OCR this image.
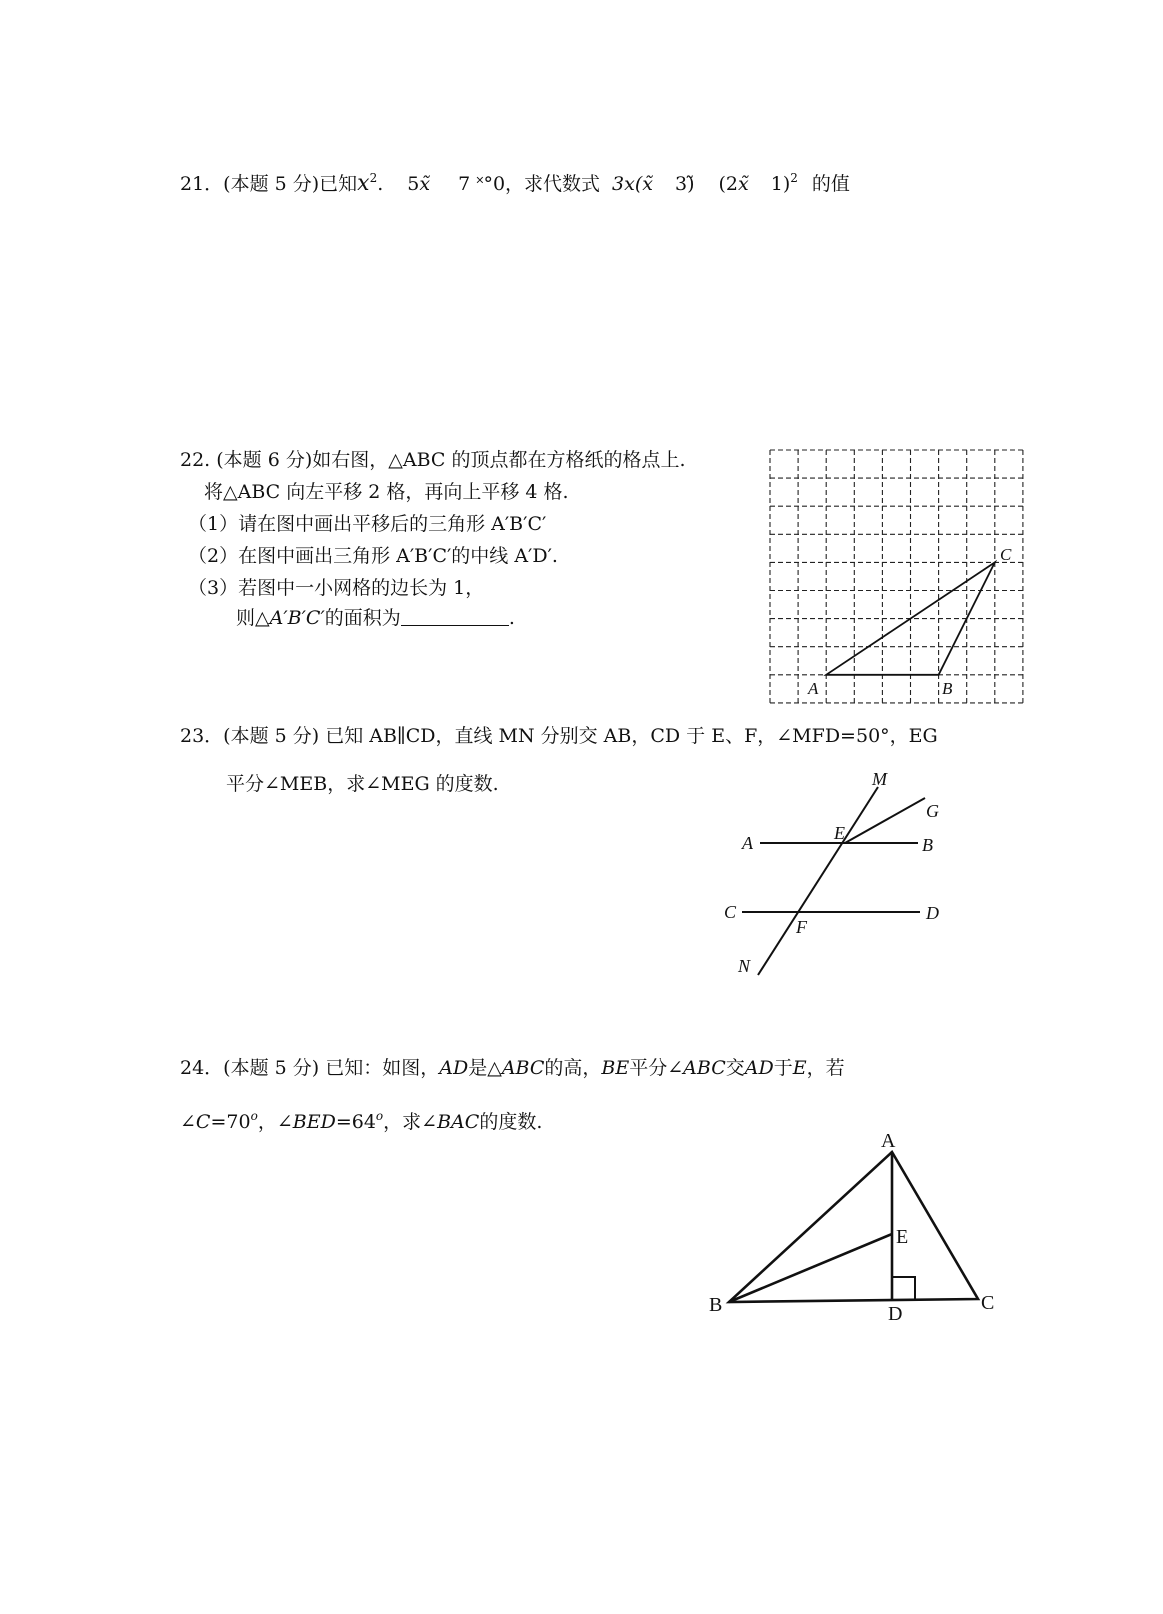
21．(本题 5 分)已知$x^2$. 5x̃ 7 ˟°0，求代数式 3x(x̃ 3)̃ (2x̃ 1)$^2$ 的值
22. (本题 6 分)如右图，△ABC 的顶点都在方格纸的格点上.
将△ABC 向左平移 2 格，再向上平移 4 格.
（1）请在图中画出平移后的三角形 A′B′C′
（2）在图中画出三角形 A′B′C′的中线 A′D′.
（3）若图中一小网格的边长为 1，
则△A′B′C′的面积为	.
A	B
C
23．(本题 5 分) 已知 AB∥CD，直线 MN 分别交 AB，CD 于 E、F，∠MFD=50°，EG
平分∠MEB，求∠MEG 的度数.	M
G
A	E
B
C	D
F
N
24．(本题 5 分) 已知：如图，AD是△ABC的高，BE平分∠ABC交AD于E，若
$\angle C=70^o$，$\angle BED=64^o$，求∠BAC的度数.
A
E
B	D	C
